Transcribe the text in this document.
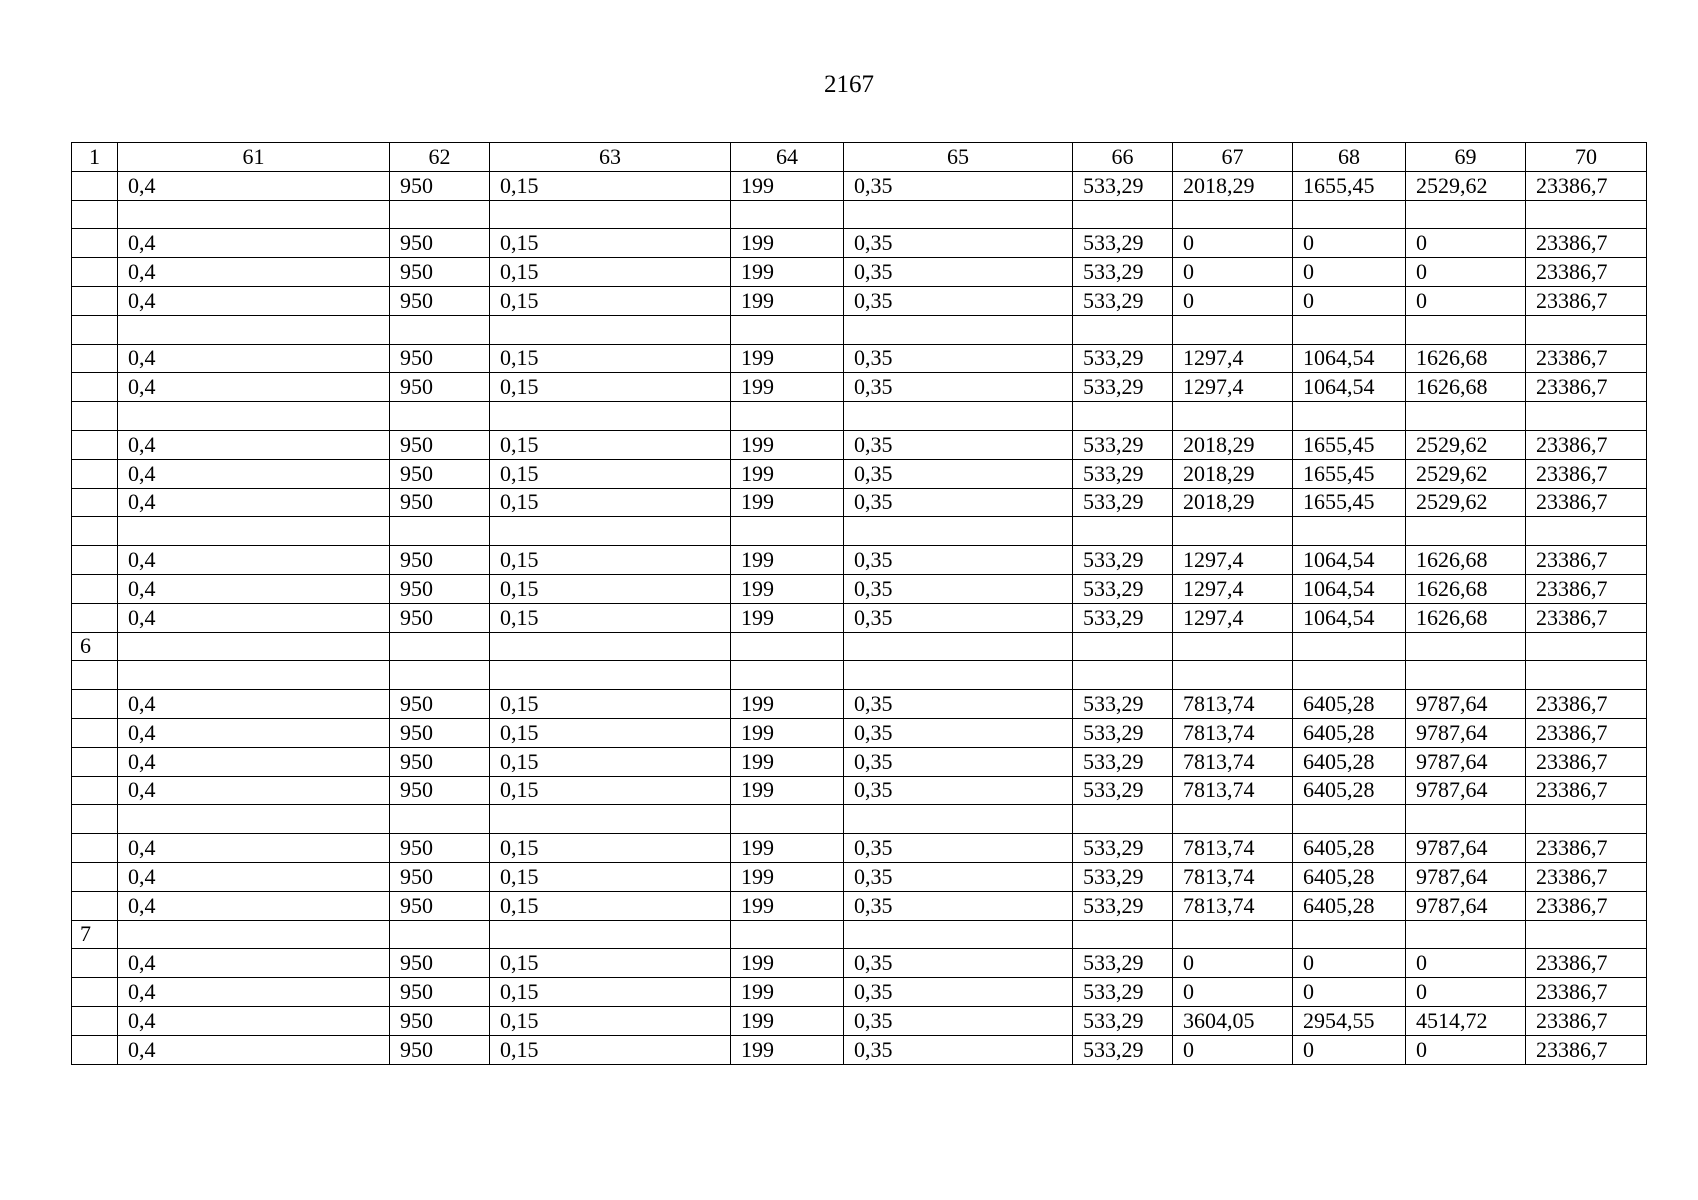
2167
1	61	62	63	64	65	66	67	68	69	70
	0,4	950	0,15	199	0,35	533,29	2018,29	1655,45	2529,62	23386,7

	0,4	950	0,15	199	0,35	533,29	0	0	0	23386,7
	0,4	950	0,15	199	0,35	533,29	0	0	0	23386,7
	0,4	950	0,15	199	0,35	533,29	0	0	0	23386,7

	0,4	950	0,15	199	0,35	533,29	1297,4	1064,54	1626,68	23386,7
	0,4	950	0,15	199	0,35	533,29	1297,4	1064,54	1626,68	23386,7

	0,4	950	0,15	199	0,35	533,29	2018,29	1655,45	2529,62	23386,7
	0,4	950	0,15	199	0,35	533,29	2018,29	1655,45	2529,62	23386,7
	0,4	950	0,15	199	0,35	533,29	2018,29	1655,45	2529,62	23386,7

	0,4	950	0,15	199	0,35	533,29	1297,4	1064,54	1626,68	23386,7
	0,4	950	0,15	199	0,35	533,29	1297,4	1064,54	1626,68	23386,7
	0,4	950	0,15	199	0,35	533,29	1297,4	1064,54	1626,68	23386,7
6										

	0,4	950	0,15	199	0,35	533,29	7813,74	6405,28	9787,64	23386,7
	0,4	950	0,15	199	0,35	533,29	7813,74	6405,28	9787,64	23386,7
	0,4	950	0,15	199	0,35	533,29	7813,74	6405,28	9787,64	23386,7
	0,4	950	0,15	199	0,35	533,29	7813,74	6405,28	9787,64	23386,7

	0,4	950	0,15	199	0,35	533,29	7813,74	6405,28	9787,64	23386,7
	0,4	950	0,15	199	0,35	533,29	7813,74	6405,28	9787,64	23386,7
	0,4	950	0,15	199	0,35	533,29	7813,74	6405,28	9787,64	23386,7
7										
	0,4	950	0,15	199	0,35	533,29	0	0	0	23386,7
	0,4	950	0,15	199	0,35	533,29	0	0	0	23386,7
	0,4	950	0,15	199	0,35	533,29	3604,05	2954,55	4514,72	23386,7
	0,4	950	0,15	199	0,35	533,29	0	0	0	23386,7
